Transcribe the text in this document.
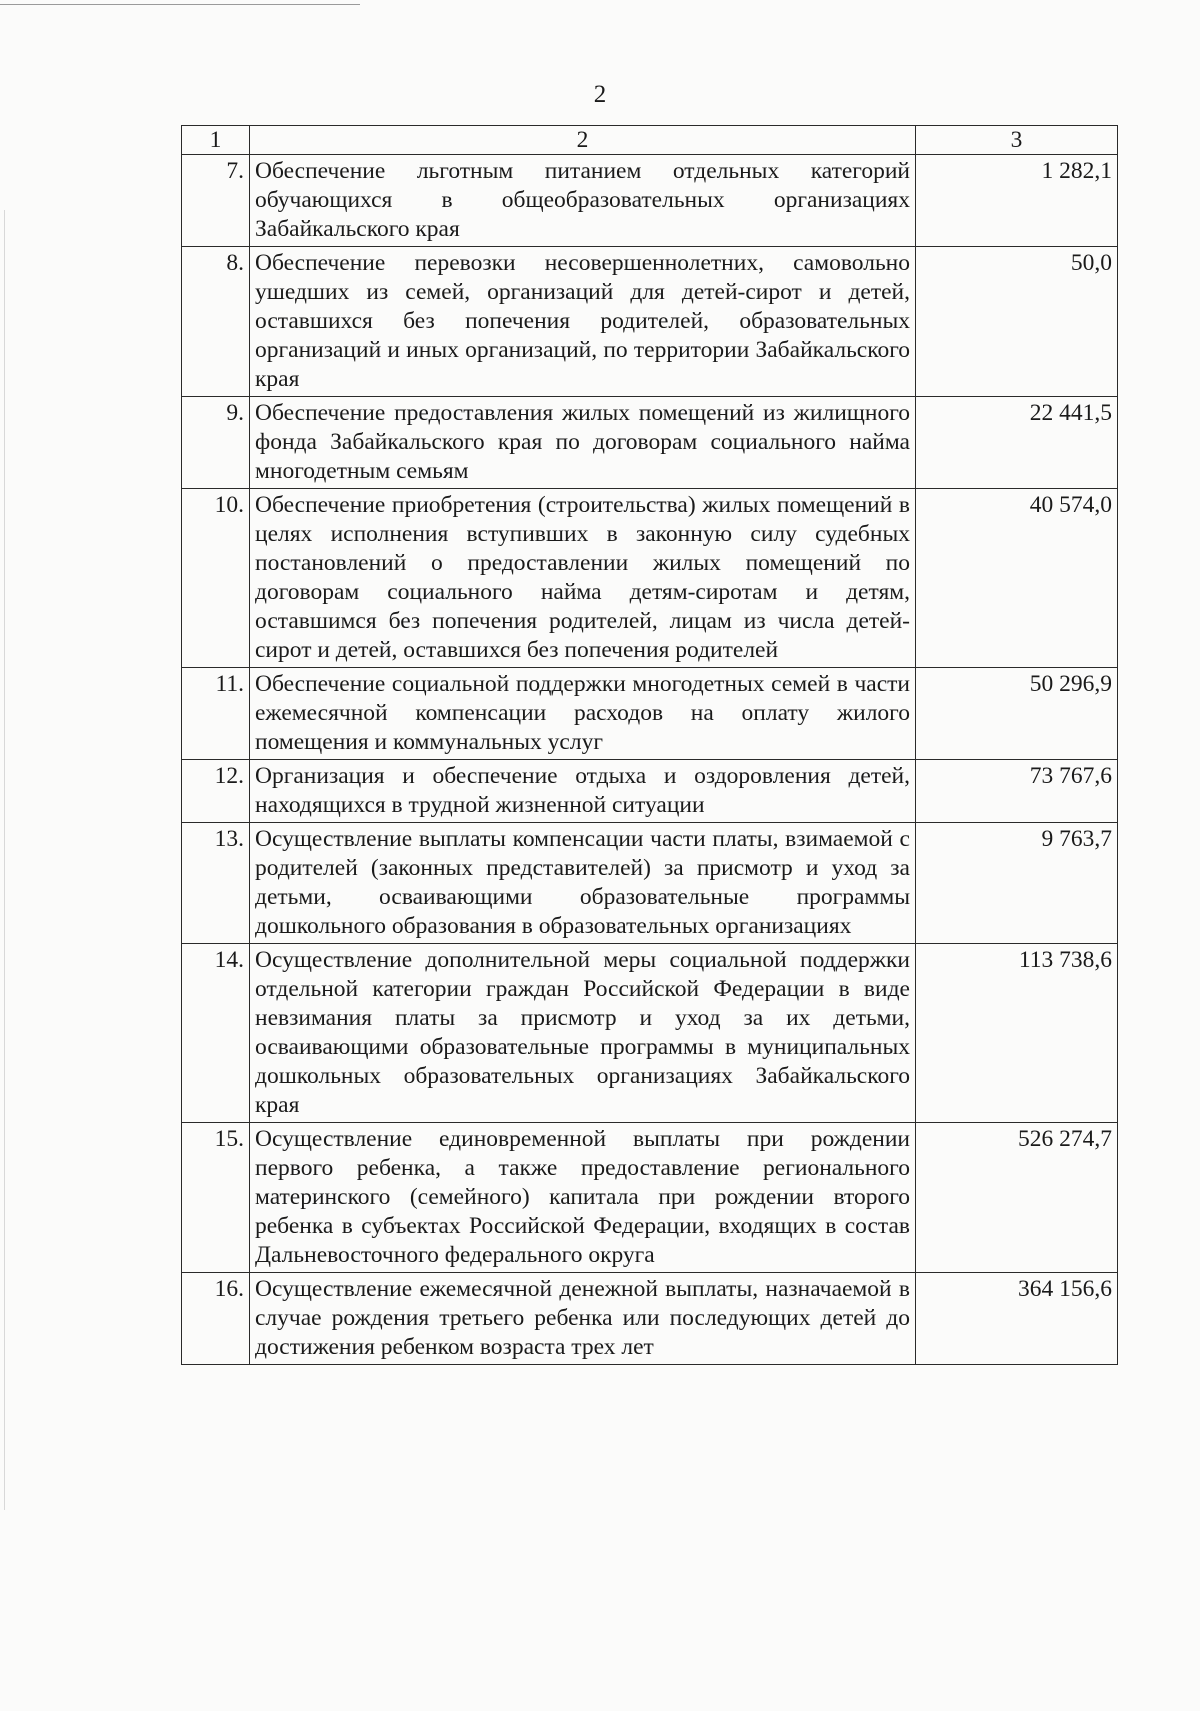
2
1	2	3
7.	Обеспечение льготным питанием отдельных категорий обучающихся в общеобразовательных организациях Забайкальского края	1 282,1
8.	Обеспечение перевозки несовершеннолетних, самовольно ушедших из семей, организаций для детей-сирот и детей, оставшихся без попечения родителей, образовательных организаций и иных организаций, по территории Забайкальского края	50,0
9.	Обеспечение предоставления жилых помещений из жилищного фонда Забайкальского края по договорам социального найма многодетным семьям	22 441,5
10.	Обеспечение приобретения (строительства) жилых помещений в целях исполнения вступивших в законную силу судебных постановлений о предоставлении жилых помещений по договорам социального найма детям-сиротам и детям, оставшимся без попечения родителей, лицам из числа детей-сирот и детей, оставшихся без попечения родителей	40 574,0
11.	Обеспечение социальной поддержки многодетных семей в части ежемесячной компенсации расходов на оплату жилого помещения и коммунальных услуг	50 296,9
12.	Организация и обеспечение отдыха и оздоровления детей, находящихся в трудной жизненной ситуации	73 767,6
13.	Осуществление выплаты компенсации части платы, взимаемой с родителей (законных представителей) за присмотр и уход за детьми, осваивающими образовательные программы дошкольного образования в образовательных организациях	9 763,7
14.	Осуществление дополнительной меры социальной поддержки отдельной категории граждан Российской Федерации в виде невзимания платы за присмотр и уход за их детьми, осваивающими образовательные программы в муниципальных дошкольных образовательных организациях Забайкальского края	113 738,6
15.	Осуществление единовременной выплаты при рождении первого ребенка, а также предоставление регионального материнского (семейного) капитала при рождении второго ребенка в субъектах Российской Федерации, входящих в состав Дальневосточного федерального округа	526 274,7
16.	Осуществление ежемесячной денежной выплаты, назначаемой в случае рождения третьего ребенка или последующих детей до достижения ребенком возраста трех лет	364 156,6
